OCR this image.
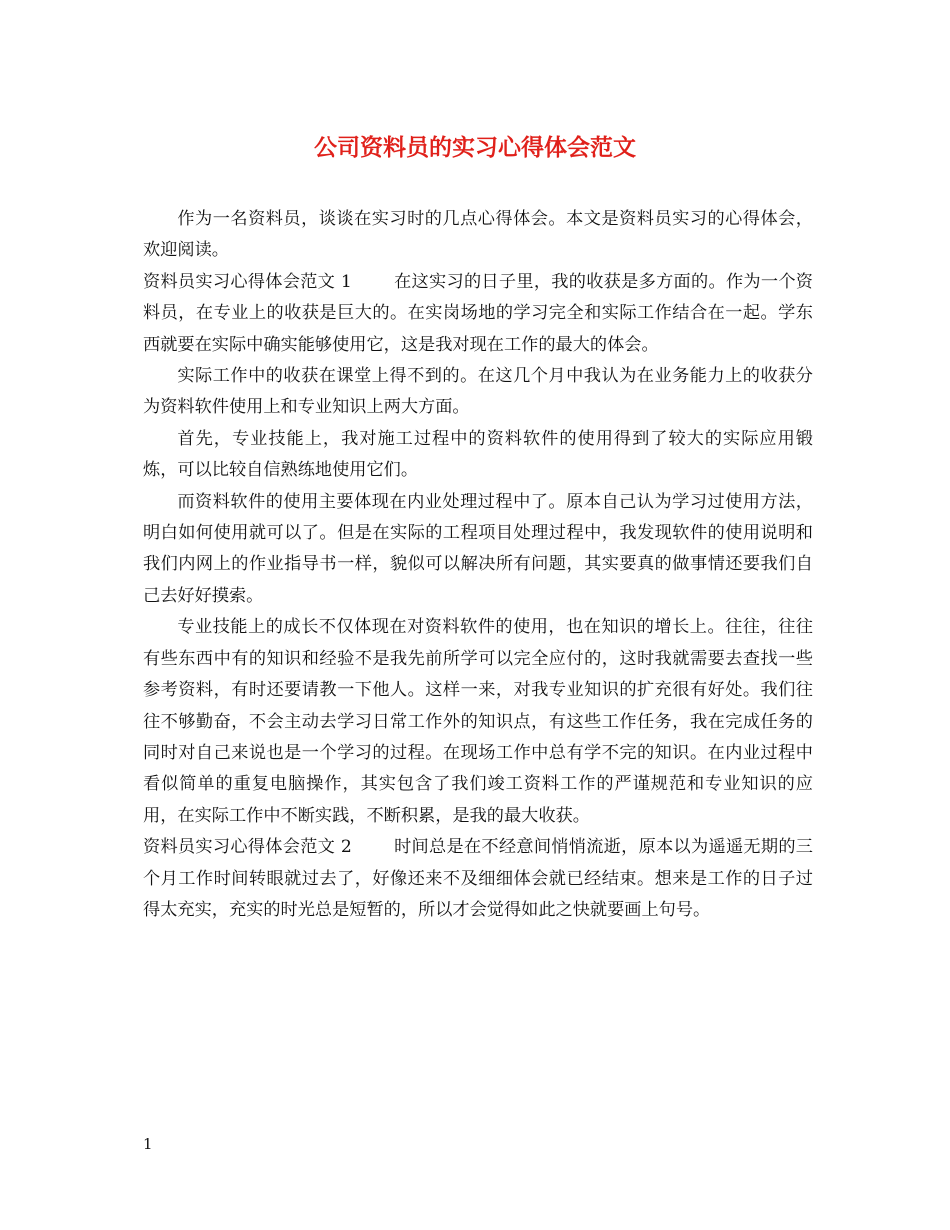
公司资料员的实习心得体会范文

作为一名资料员，谈谈在实习时的几点心得体会。本文是资料员实习的心得体会，欢迎阅读。

资料员实习心得体会范文 1 在这实习的日子里，我的收获是多方面的。作为一个资料员，在专业上的收获是巨大的。在实岗场地的学习完全和实际工作结合在一起。学东西就要在实际中确实能够使用它，这是我对现在工作的最大的体会。

实际工作中的收获在课堂上得不到的。在这几个月中我认为在业务能力上的收获分为资料软件使用上和专业知识上两大方面。

首先，专业技能上，我对施工过程中的资料软件的使用得到了较大的实际应用锻炼，可以比较自信熟练地使用它们。

而资料软件的使用主要体现在内业处理过程中了。原本自己认为学习过使用方法，明白如何使用就可以了。但是在实际的工程项目处理过程中，我发现软件的使用说明和我们内网上的作业指导书一样，貌似可以解决所有问题，其实要真的做事情还要我们自己去好好摸索。

专业技能上的成长不仅体现在对资料软件的使用，也在知识的增长上。往往，往往有些东西中有的知识和经验不是我先前所学可以完全应付的，这时我就需要去查找一些参考资料，有时还要请教一下他人。这样一来，对我专业知识的扩充很有好处。我们往往不够勤奋，不会主动去学习日常工作外的知识点，有这些工作任务，我在完成任务的同时对自己来说也是一个学习的过程。在现场工作中总有学不完的知识。在内业过程中看似简单的重复电脑操作，其实包含了我们竣工资料工作的严谨规范和专业知识的应用，在实际工作中不断实践，不断积累，是我的最大收获。

资料员实习心得体会范文 2 时间总是在不经意间悄悄流逝，原本以为遥遥无期的三个月工作时间转眼就过去了，好像还来不及细细体会就已经结束。想来是工作的日子过得太充实，充实的时光总是短暂的，所以才会觉得如此之快就要画上句号。

1
